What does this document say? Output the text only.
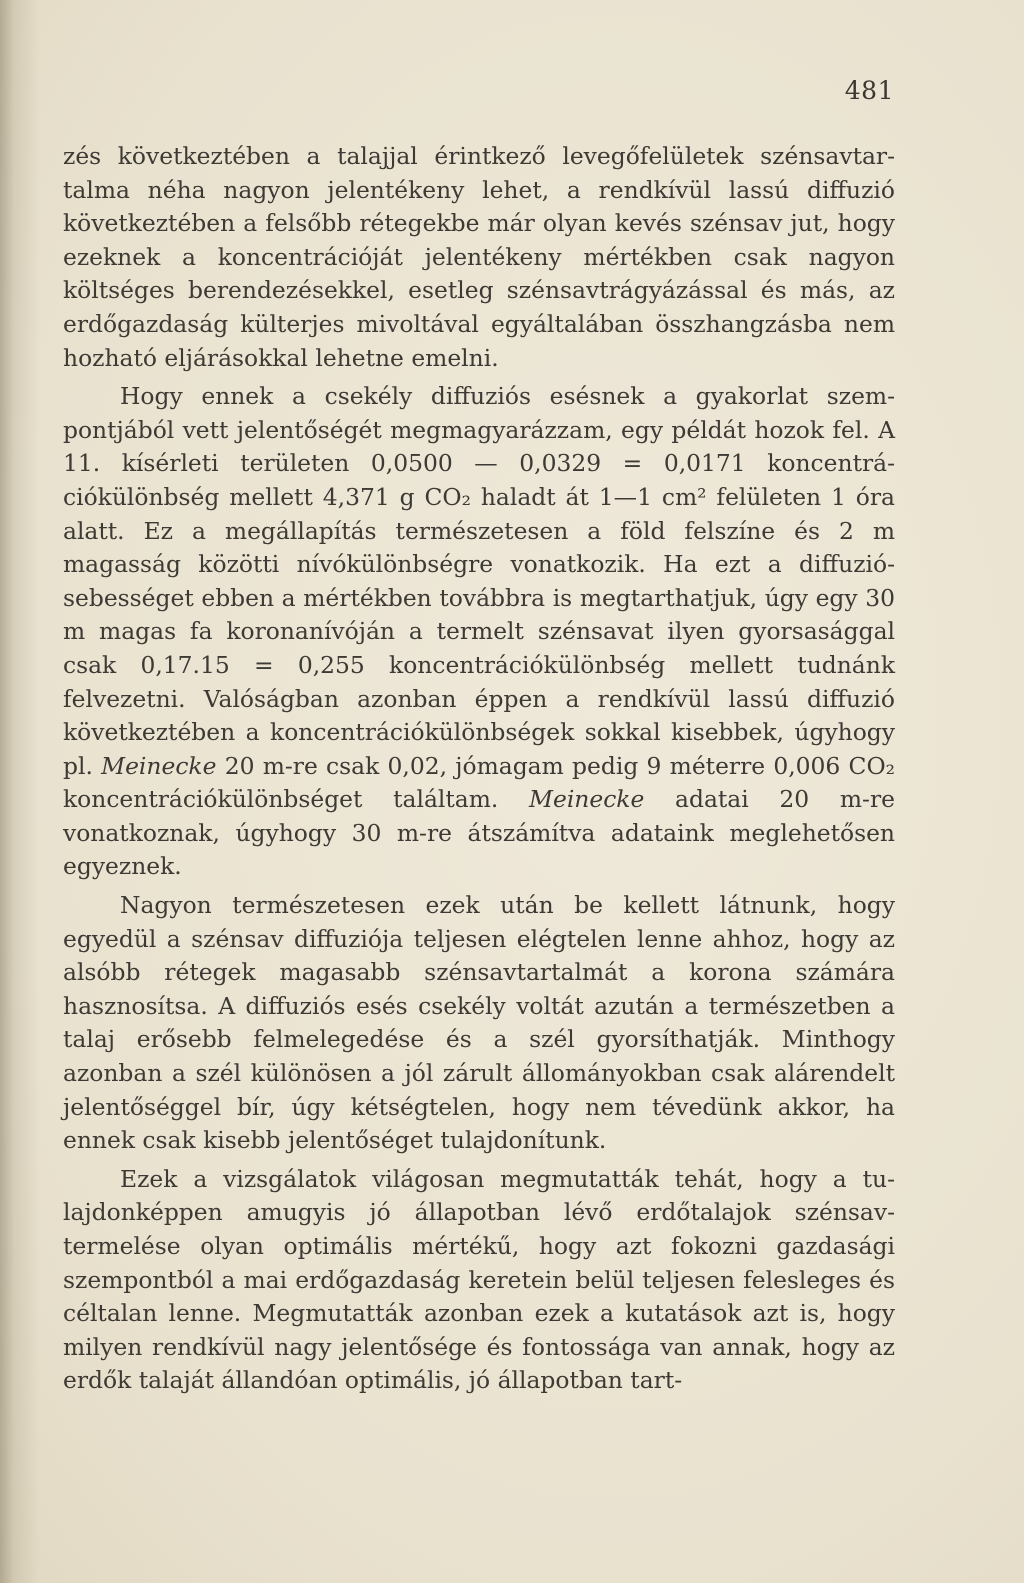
481

zés következtében a talajjal érintkező levegőfelületek szénsavtartalma néha nagyon jelentékeny lehet, a rendkívül lassú diffuzió következtében a felsőbb rétegekbe már olyan kevés szénsav jut, hogy ezeknek a koncentrációját jelentékeny mértékben csak nagyon költséges berendezésekkel, esetleg szénsavtrágyázással és más, az erdőgazdaság külterjes mivoltával egyáltalában összhangzásba nem hozható eljárásokkal lehetne emelni.

Hogy ennek a csekély diffuziós esésnek a gyakorlat szempontjából vett jelentőségét megmagyarázzam, egy példát hozok fel. A 11. kísérleti területen 0,0500 — 0,0329 = 0,0171 koncentrációkülönbség mellett 4,371 g CO₂ haladt át 1—1 cm² felületen 1 óra alatt. Ez a megállapítás természetesen a föld felszíne és 2 m magasság közötti nívókülönbségre vonatkozik. Ha ezt a diffuziósebességet ebben a mértékben továbbra is megtarthatjuk, úgy egy 30 m magas fa koronanívóján a termelt szénsavat ilyen gyorsasággal csak 0,17.15 = 0,255 koncentrációkülönbség mellett tudnánk felvezetni. Valóságban azonban éppen a rendkívül lassú diffuzió következtében a koncentrációkülönbségek sokkal kisebbek, úgyhogy pl. Meinecke 20 m-re csak 0,02, jómagam pedig 9 méterre 0,006 CO₂ koncentrációkülönbséget találtam. Meinecke adatai 20 m-re vonatkoznak, úgyhogy 30 m-re átszámítva adataink meglehetősen egyeznek.

Nagyon természetesen ezek után be kellett látnunk, hogy egyedül a szénsav diffuziója teljesen elégtelen lenne ahhoz, hogy az alsóbb rétegek magasabb szénsavtartalmát a korona számára hasznosítsa. A diffuziós esés csekély voltát azután a természetben a talaj erősebb felmelegedése és a szél gyorsíthatják. Minthogy azonban a szél különösen a jól zárult állományokban csak alárendelt jelentőséggel bír, úgy kétségtelen, hogy nem tévedünk akkor, ha ennek csak kisebb jelentőséget tulajdonítunk.

Ezek a vizsgálatok világosan megmutatták tehát, hogy a tulajdonképpen amugyis jó állapotban lévő erdőtalajok szénsavtermelése olyan optimális mértékű, hogy azt fokozni gazdasági szempontból a mai erdőgazdaság keretein belül teljesen felesleges és céltalan lenne. Megmutatták azonban ezek a kutatások azt is, hogy milyen rendkívül nagy jelentősége és fontossága van annak, hogy az erdők talaját állandóan optimális, jó állapotban tart-
